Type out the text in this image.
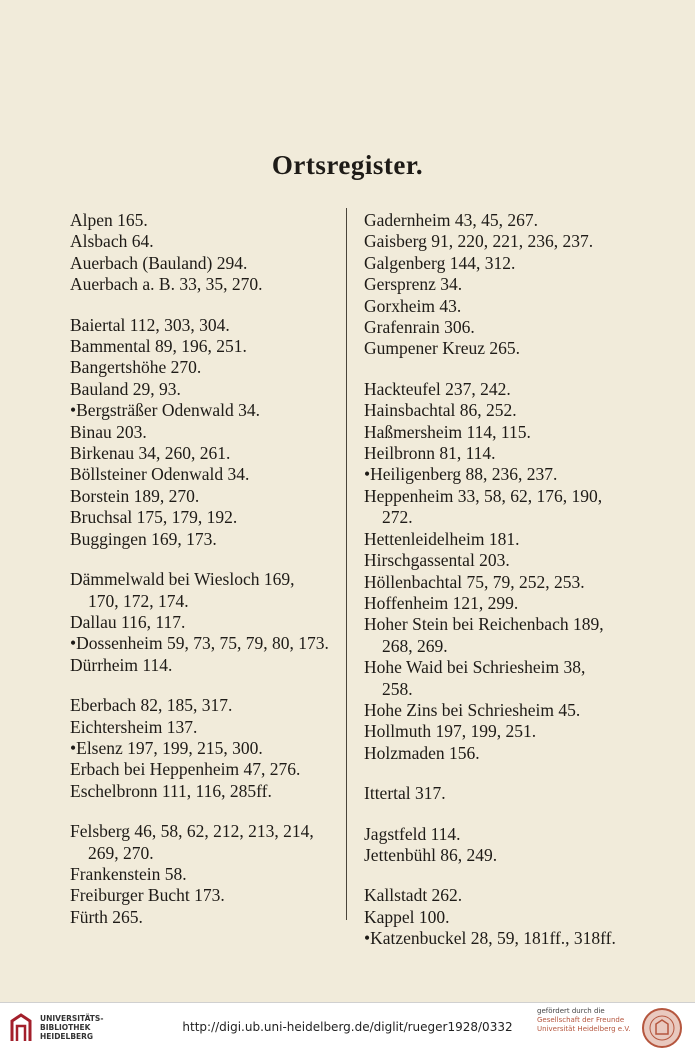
Ortsregister.
Alpen 165.
Alsbach 64.
Auerbach (Bauland) 294.
Auerbach a. B. 33, 35, 270.
Baiertal 112, 303, 304.
Bammental 89, 196, 251.
Bangertshöhe 270.
Bauland 29, 93.
•Bergsträßer Odenwald 34.
Binau 203.
Birkenau 34, 260, 261.
Böllsteiner Odenwald 34.
Borstein 189, 270.
Bruchsal 175, 179, 192.
Buggingen 169, 173.
Dämmelwald bei Wiesloch 169,
170, 172, 174.
Dallau 116, 117.
•Dossenheim 59, 73, 75, 79, 80, 173.
Dürrheim 114.
Eberbach 82, 185, 317.
Eichtersheim 137.
•Elsenz 197, 199, 215, 300.
Erbach bei Heppenheim 47, 276.
Eschelbronn 111, 116, 285ff.
Felsberg 46, 58, 62, 212, 213, 214,
269, 270.
Frankenstein 58.
Freiburger Bucht 173.
Fürth 265.
Gadernheim 43, 45, 267.
Gaisberg 91, 220, 221, 236, 237.
Galgenberg 144, 312.
Gersprenz 34.
Gorxheim 43.
Grafenrain 306.
Gumpener Kreuz 265.
Hackteufel 237, 242.
Hainsbachtal 86, 252.
Haßmersheim 114, 115.
Heilbronn 81, 114.
•Heiligenberg 88, 236, 237.
Heppenheim 33, 58, 62, 176, 190,
272.
Hettenleidelheim 181.
Hirschgassental 203.
Höllenbachtal 75, 79, 252, 253.
Hoffenheim 121, 299.
Hoher Stein bei Reichenbach 189,
268, 269.
Hohe Waid bei Schriesheim 38,
258.
Hohe Zins bei Schriesheim 45.
Hollmuth 197, 199, 251.
Holzmaden 156.
Ittertal 317.
Jagstfeld 114.
Jettenbühl 86, 249.
Kallstadt 262.
Kappel 100.
•Katzenbuckel 28, 59, 181ff., 318ff.
UNIVERSITÄTS-
BIBLIOTHEK
HEIDELBERG
http://digi.ub.uni-heidelberg.de/diglit/rueger1928/0332
gefördert durch die
Gesellschaft der Freunde
Universität Heidelberg e.V.
